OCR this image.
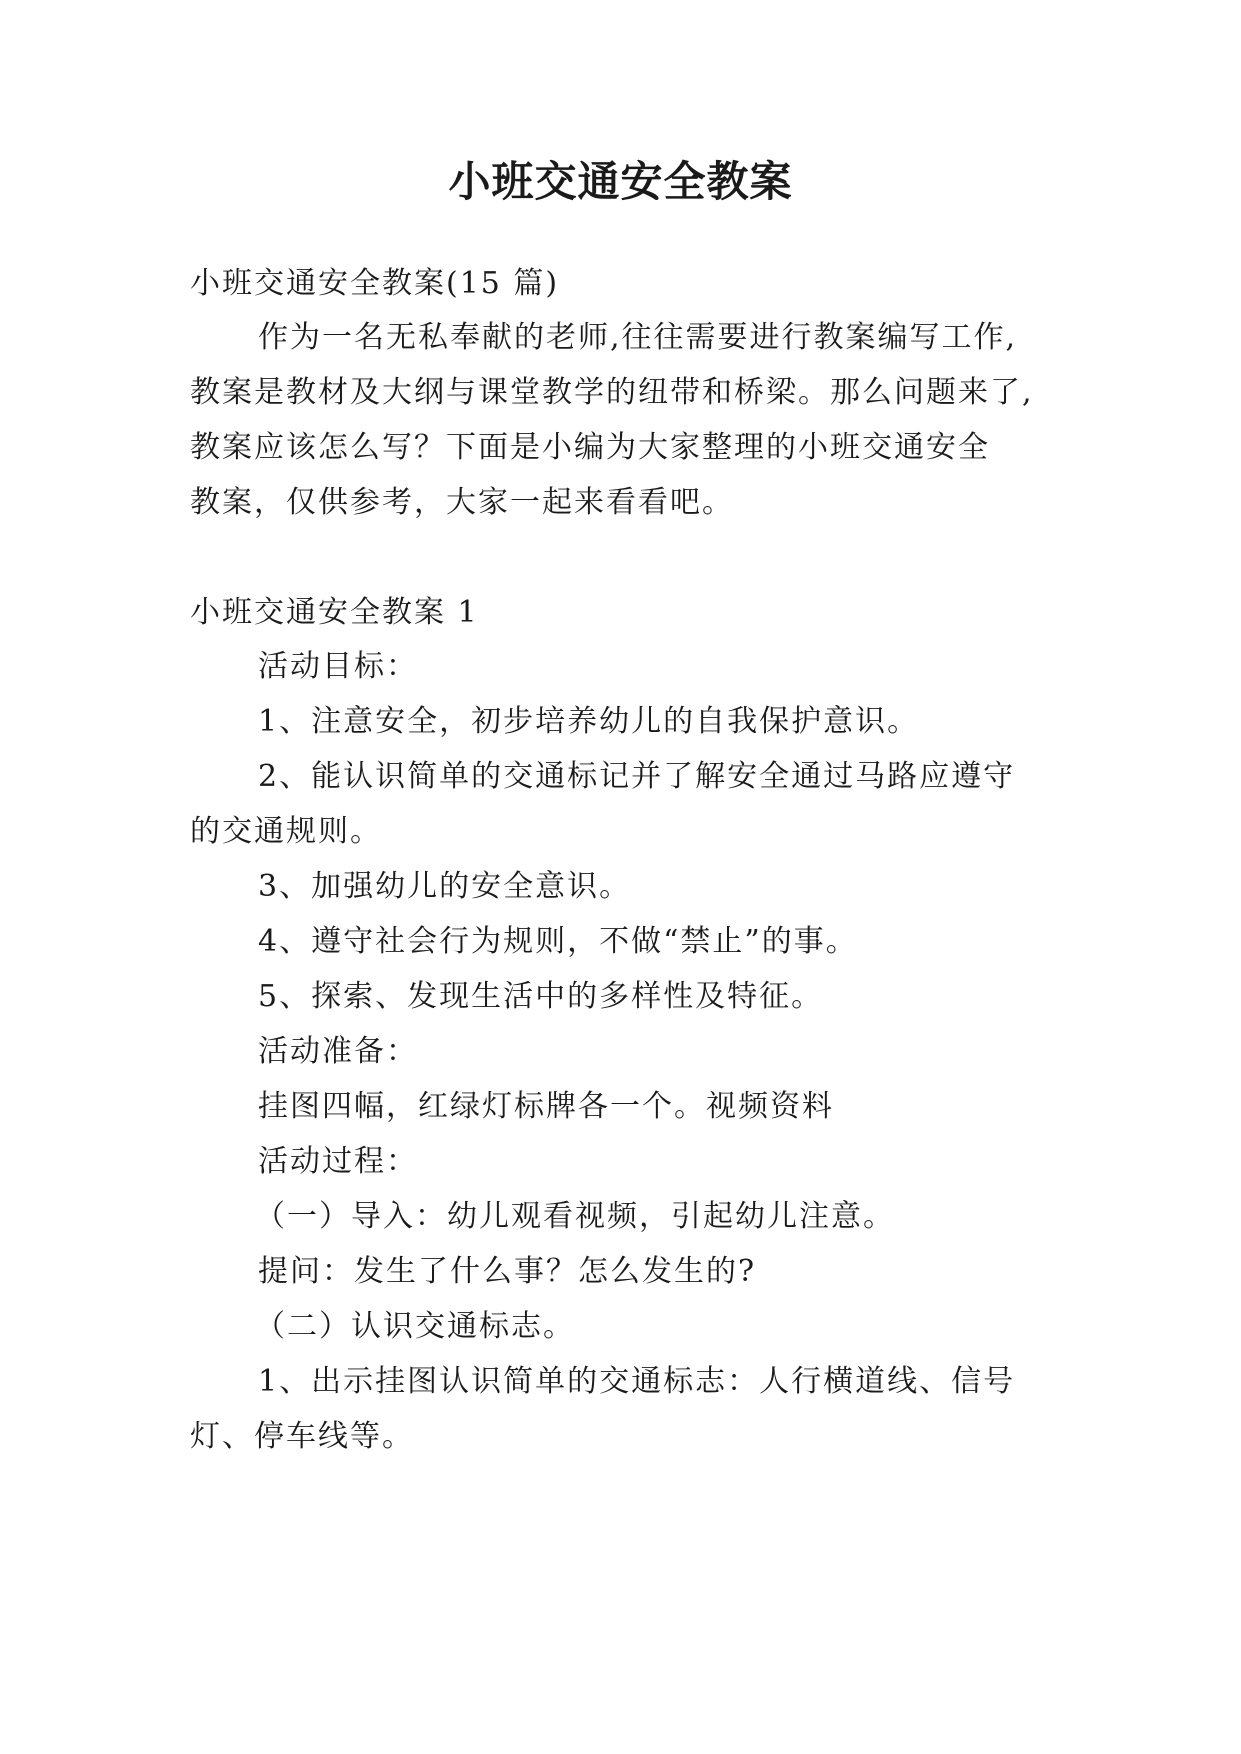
小班交通安全教案
小班交通安全教案(15 篇)
作为一名无私奉献的老师,往往需要进行教案编写工作,
教案是教材及大纲与课堂教学的纽带和桥梁。那么问题来了,
教案应该怎么写？下面是小编为大家整理的小班交通安全
教案，仅供参考，大家一起来看看吧。
小班交通安全教案 1
活动目标：
1、注意安全，初步培养幼儿的自我保护意识。
2、能认识简单的交通标记并了解安全通过马路应遵守
的交通规则。
3、加强幼儿的安全意识。
4、遵守社会行为规则，不做“禁止”的事。
5、探索、发现生活中的多样性及特征。
活动准备：
挂图四幅，红绿灯标牌各一个。视频资料
活动过程：
（一）导入：幼儿观看视频，引起幼儿注意。
提问：发生了什么事？怎么发生的?
（二）认识交通标志。
1、出示挂图认识简单的交通标志：人行横道线、信号
灯、停车线等。
